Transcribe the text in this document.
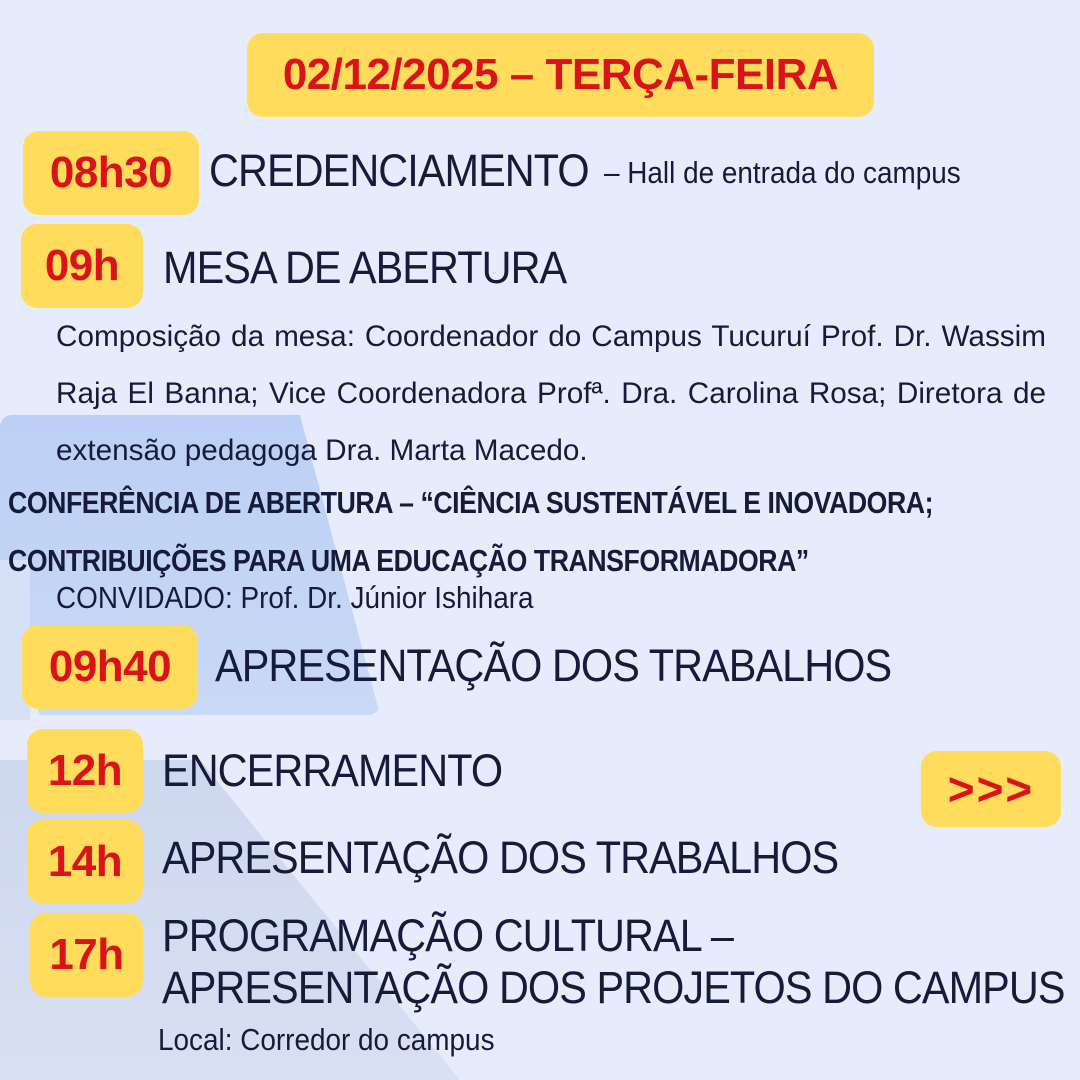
02/12/2025 – TERÇA-FEIRA
08h30 CREDENCIAMENTO – Hall de entrada do campus
09h MESA DE ABERTURA
Composição da mesa: Coordenador do Campus Tucuruí Prof. Dr. Wassim Raja El Banna; Vice Coordenadora Profª. Dra. Carolina Rosa; Diretora de extensão pedagoga Dra. Marta Macedo.
CONFERÊNCIA DE ABERTURA – “CIÊNCIA SUSTENTÁVEL E INOVADORA;
CONTRIBUIÇÕES PARA UMA EDUCAÇÃO TRANSFORMADORA”
CONVIDADO: Prof. Dr. Júnior Ishihara
09h40 APRESENTAÇÃO DOS TRABALHOS
12h ENCERRAMENTO
14h APRESENTAÇÃO DOS TRABALHOS
17h PROGRAMAÇÃO CULTURAL –
APRESENTAÇÃO DOS PROJETOS DO CAMPUS
Local: Corredor do campus
>>>
